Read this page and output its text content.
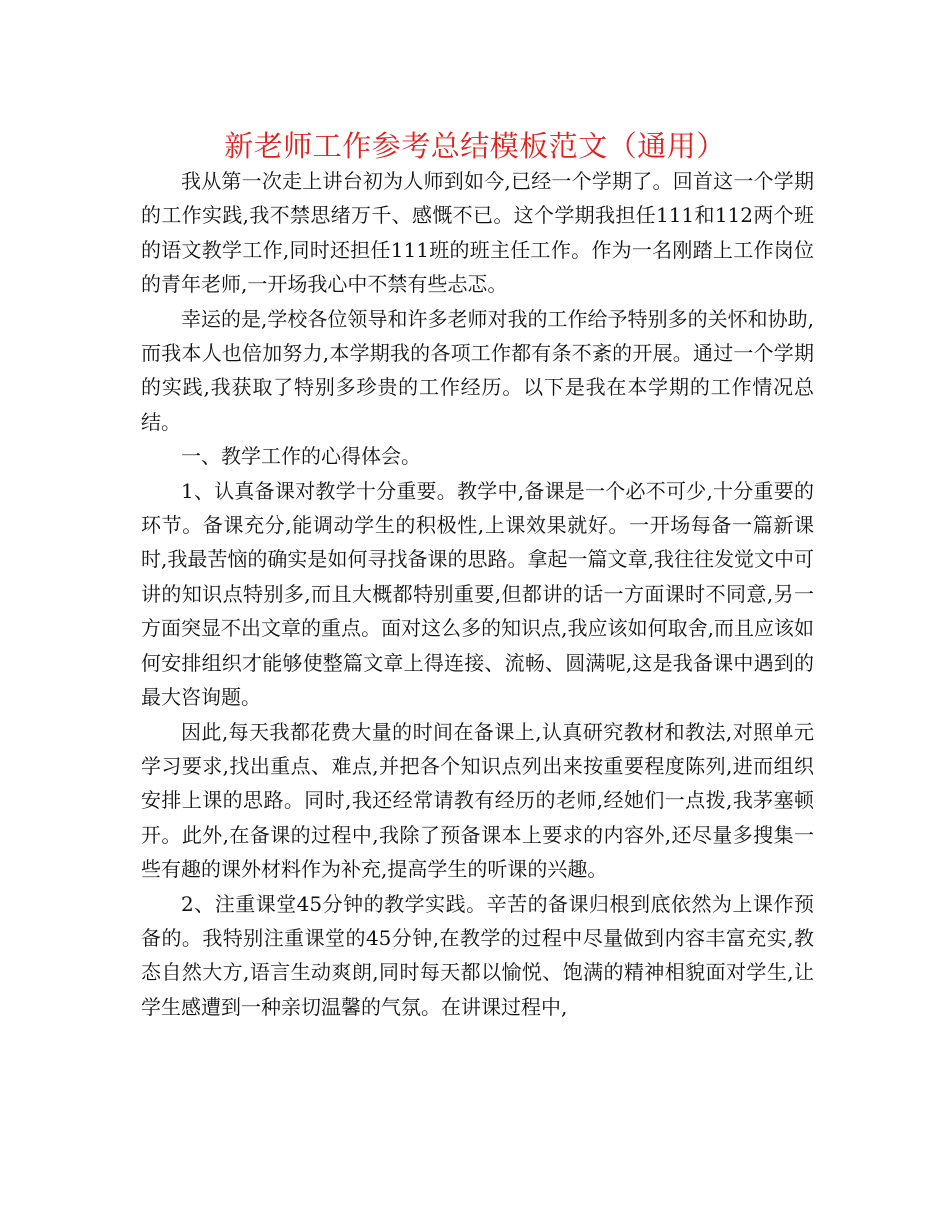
新老师工作参考总结模板范文（通用）

我从第一次走上讲台初为人师到如今,已经一个学期了。回首这一个学期的工作实践,我不禁思绪万千、感慨不已。这个学期我担任111和112两个班的语文教学工作,同时还担任111班的班主任工作。作为一名刚踏上工作岗位的青年老师,一开场我心中不禁有些忐忑。

幸运的是,学校各位领导和许多老师对我的工作给予特别多的关怀和协助,而我本人也倍加努力,本学期我的各项工作都有条不紊的开展。通过一个学期的实践,我获取了特别多珍贵的工作经历。以下是我在本学期的工作情况总结。

一、教学工作的心得体会。

1、认真备课对教学十分重要。教学中,备课是一个必不可少,十分重要的环节。备课充分,能调动学生的积极性,上课效果就好。一开场每备一篇新课时,我最苦恼的确实是如何寻找备课的思路。拿起一篇文章,我往往发觉文中可讲的知识点特别多,而且大概都特别重要,但都讲的话一方面课时不同意,另一方面突显不出文章的重点。面对这么多的知识点,我应该如何取舍,而且应该如何安排组织才能够使整篇文章上得连接、流畅、圆满呢,这是我备课中遇到的最大咨询题。

因此,每天我都花费大量的时间在备课上,认真研究教材和教法,对照单元学习要求,找出重点、难点,并把各个知识点列出来按重要程度陈列,进而组织安排上课的思路。同时,我还经常请教有经历的老师,经她们一点拨,我茅塞顿开。此外,在备课的过程中,我除了预备课本上要求的内容外,还尽量多搜集一些有趣的课外材料作为补充,提高学生的听课的兴趣。

2、注重课堂45分钟的教学实践。辛苦的备课归根到底依然为上课作预备的。我特别注重课堂的45分钟,在教学的过程中尽量做到内容丰富充实,教态自然大方,语言生动爽朗,同时每天都以愉悦、饱满的精神相貌面对学生,让学生感遭到一种亲切温馨的气氛。在讲课过程中,
